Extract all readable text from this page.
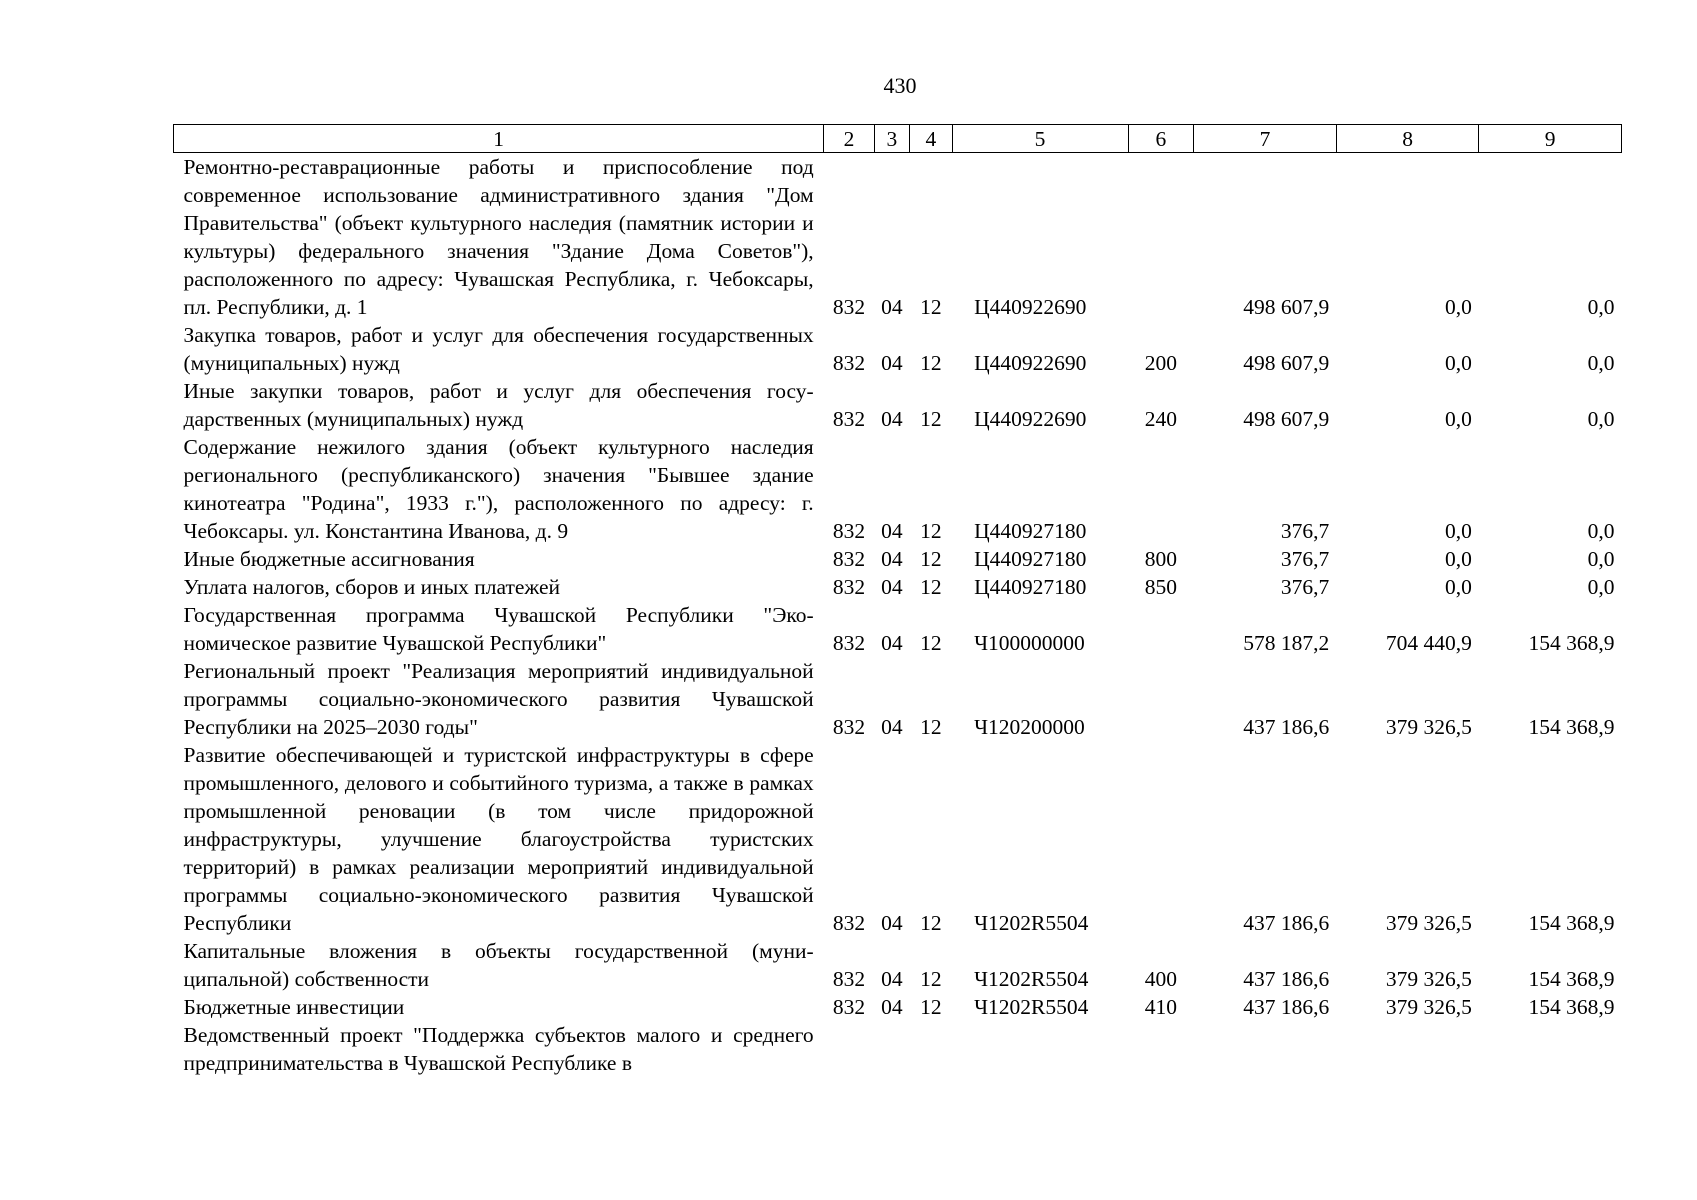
430
1	2	3	4	5	6	7	8	9
Ремонтно-реставрационные работы и приспособление под современное использование административного здания "Дом Правительства" (объект культурного наследия (памятник истории и культуры) федерального значения "Здание Дома Советов"), расположенного по адресу: Чувашская Республика, г. Чебоксары, пл. Республики, д. 1	832	04	12	Ц440922690		498 607,9	0,0	0,0
Закупка товаров, работ и услуг для обеспечения государственных (муниципальных) нужд	832	04	12	Ц440922690	200	498 607,9	0,0	0,0
Иные закупки товаров, работ и услуг для обеспечения государственных (муниципальных) нужд	832	04	12	Ц440922690	240	498 607,9	0,0	0,0
Содержание нежилого здания (объект культурного наследия регионального (республиканского) значения "Бывшее здание кинотеатра "Родина", 1933 г."), расположенного по адресу: г. Чебоксары. ул. Константина Иванова, д. 9	832	04	12	Ц440927180		376,7	0,0	0,0
Иные бюджетные ассигнования	832	04	12	Ц440927180	800	376,7	0,0	0,0
Уплата налогов, сборов и иных платежей	832	04	12	Ц440927180	850	376,7	0,0	0,0
Государственная программа Чувашской Республики "Экономическое развитие Чувашской Республики"	832	04	12	Ч100000000		578 187,2	704 440,9	154 368,9
Региональный проект "Реализация мероприятий индивидуальной программы социально-экономического развития Чувашской Республики на 2025–2030 годы"	832	04	12	Ч120200000		437 186,6	379 326,5	154 368,9
Развитие обеспечивающей и туристской инфраструктуры в сфере промышленного, делового и событийного туризма, а также в рамках промышленной реновации (в том числе придорожной инфраструктуры, улучшение благоустройства туристских территорий) в рамках реализации мероприятий индивидуальной программы социально-экономического развития Чувашской Республики	832	04	12	Ч1202R5504		437 186,6	379 326,5	154 368,9
Капитальные вложения в объекты государственной (муниципальной) собственности	832	04	12	Ч1202R5504	400	437 186,6	379 326,5	154 368,9
Бюджетные инвестиции	832	04	12	Ч1202R5504	410	437 186,6	379 326,5	154 368,9
Ведомственный проект "Поддержка субъектов малого и среднего предпринимательства в Чувашской Республике в								
